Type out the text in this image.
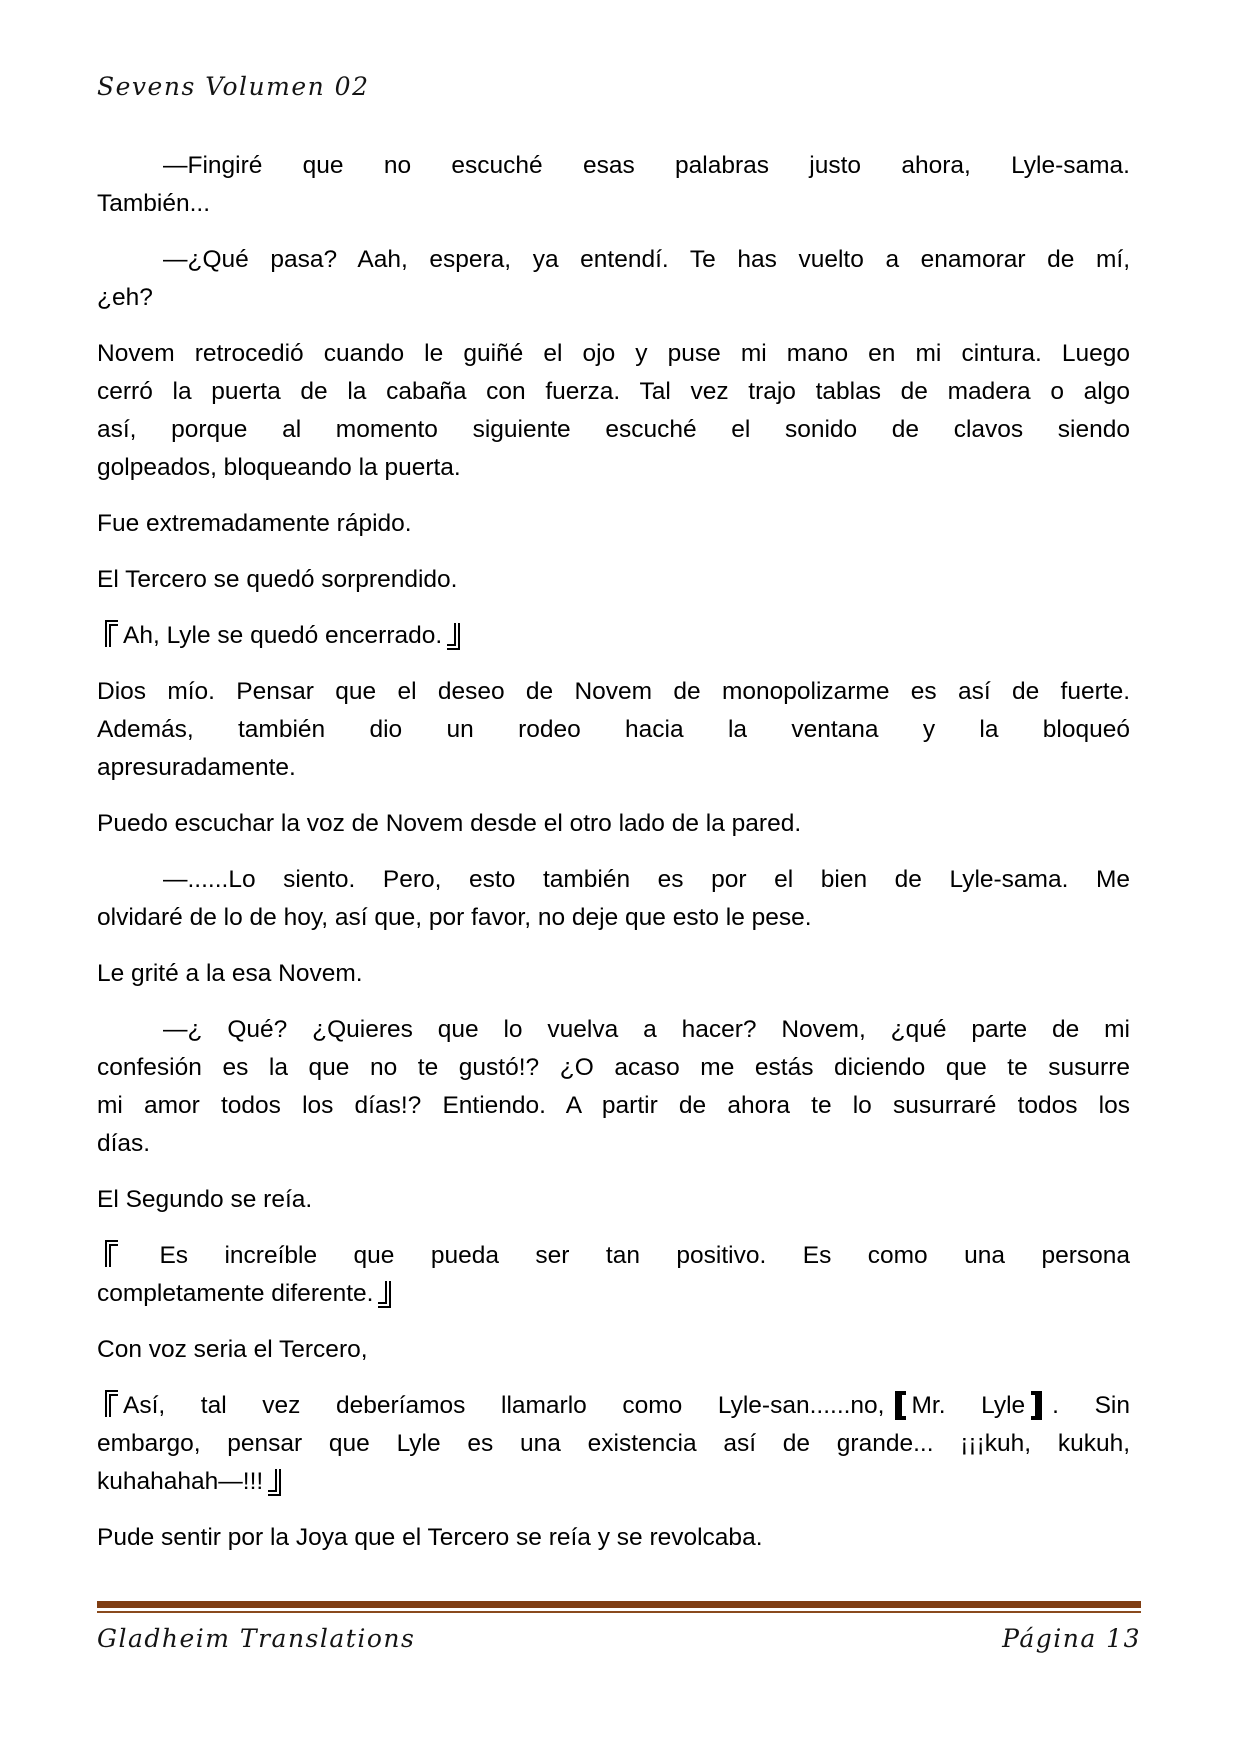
Sevens Volumen 02

—Fingiré que no escuché esas palabras justo ahora, Lyle-sama.
También...

—¿Qué pasa? Aah, espera, ya entendí. Te has vuelto a enamorar de mí,
¿eh?

Novem retrocedió cuando le guiñé el ojo y puse mi mano en mi cintura. Luego
cerró la puerta de la cabaña con fuerza. Tal vez trajo tablas de madera o algo
así, porque al momento siguiente escuché el sonido de clavos siendo
golpeados, bloqueando la puerta.

Fue extremadamente rápido.

El Tercero se quedó sorprendido.

Ah, Lyle se quedó encerrado.

Dios mío. Pensar que el deseo de Novem de monopolizarme es así de fuerte.
Además, también dio un rodeo hacia la ventana y la bloqueó
apresuradamente.

Puedo escuchar la voz de Novem desde el otro lado de la pared.

—......Lo siento. Pero, esto también es por el bien de Lyle-sama. Me
olvidaré de lo de hoy, así que, por favor, no deje que esto le pese.

Le grité a la esa Novem.

—¿ Qué? ¿Quieres que lo vuelva a hacer? Novem, ¿qué parte de mi
confesión es la que no te gustó!? ¿O acaso me estás diciendo que te susurre
mi amor todos los días!? Entiendo. A partir de ahora te lo susurraré todos los
días.

El Segundo se reía.

Es increíble que pueda ser tan positivo. Es como una persona
completamente diferente.

Con voz seria el Tercero,

Así, tal vez deberíamos llamarlo como Lyle-san......no, Mr. Lyle . Sin
embargo, pensar que Lyle es una existencia así de grande... ¡¡¡kuh, kukuh,
kuhahahah—!!!

Pude sentir por la Joya que el Tercero se reía y se revolcaba.

Gladheim Translations	Página 13
